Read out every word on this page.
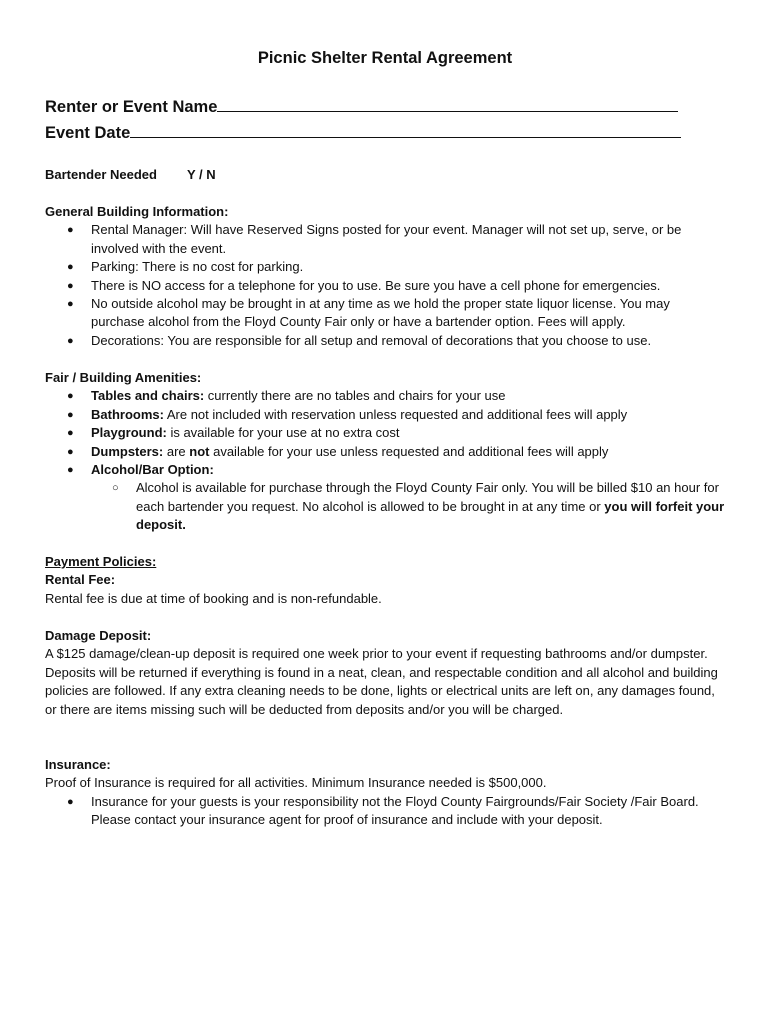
Picnic Shelter Rental Agreement
Renter or Event Name
Event Date
Bartender Needed Y / N
General Building Information:
● Rental Manager: Will have Reserved Signs posted for your event. Manager will not set up, serve, or be involved with the event.
● Parking: There is no cost for parking.
● There is NO access for a telephone for you to use. Be sure you have a cell phone for emergencies.
● No outside alcohol may be brought in at any time as we hold the proper state liquor license. You may purchase alcohol from the Floyd County Fair only or have a bartender option. Fees will apply.
● Decorations: You are responsible for all setup and removal of decorations that you choose to use.
Fair / Building Amenities:
● Tables and chairs: currently there are no tables and chairs for your use
● Bathrooms: Are not included with reservation unless requested and additional fees will apply
● Playground: is available for your use at no extra cost
● Dumpsters: are not available for your use unless requested and additional fees will apply
● Alcohol/Bar Option:
○ Alcohol is available for purchase through the Floyd County Fair only. You will be billed $10 an hour for each bartender you request. No alcohol is allowed to be brought in at any time or you will forfeit your deposit.
Payment Policies:
Rental Fee:

Rental fee is due at time of booking and is non-refundable.

Damage Deposit:

A $125 damage/clean-up deposit is required one week prior to your event if requesting bathrooms and/or dumpster. Deposits will be returned if everything is found in a neat, clean, and respectable condition and all alcohol and building policies are followed. If any extra cleaning needs to be done, lights or electrical units are left on, any damages found, or there are items missing such will be deducted from deposits and/or you will be charged.

Insurance:

Proof of Insurance is required for all activities. Minimum Insurance needed is $500,000.

● Insurance for your guests is your responsibility not the Floyd County Fairgrounds/Fair Society /Fair Board. Please contact your insurance agent for proof of insurance and include with your deposit.
